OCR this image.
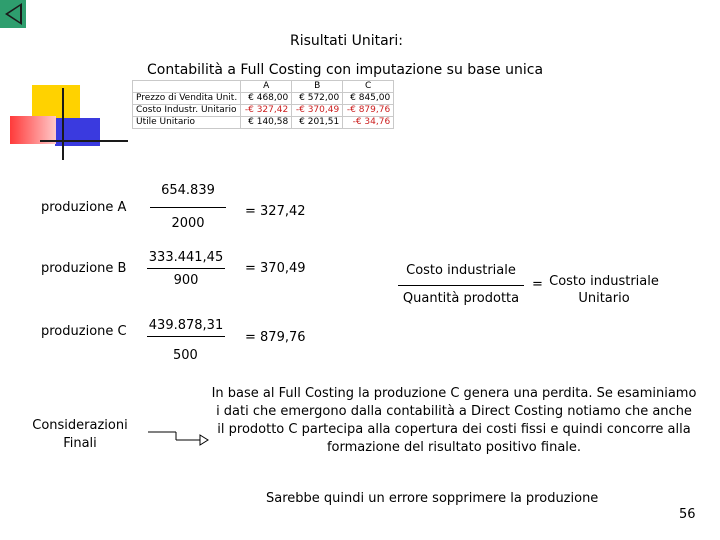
Risultati Unitari:
Contabilità a Full Costing con imputazione su base unica
	A	B	C
Prezzo di Vendita Unit.	€ 468,00	€ 572,00	€ 845,00
Costo Industr. Unitario	-€ 327,42	-€ 370,49	-€ 879,76
Utile Unitario	€ 140,58	€ 201,51	-€ 34,76
produzione A
654.839
2000
= 327,42
produzione B
333.441,45
900
= 370,49
produzione C 439.878,31
500
= 879,76
Costo industriale
Quantità prodotta
= Costo industriale
Unitario
Considerazioni
Finali
In base al Full Costing la produzione C genera una perdita. Se esaminiamo i dati che emergono dalla contabilità a Direct Costing notiamo che anche il prodotto C partecipa alla copertura dei costi fissi e quindi concorre alla formazione del risultato positivo finale.
Sarebbe quindi un errore sopprimere la produzione
56
